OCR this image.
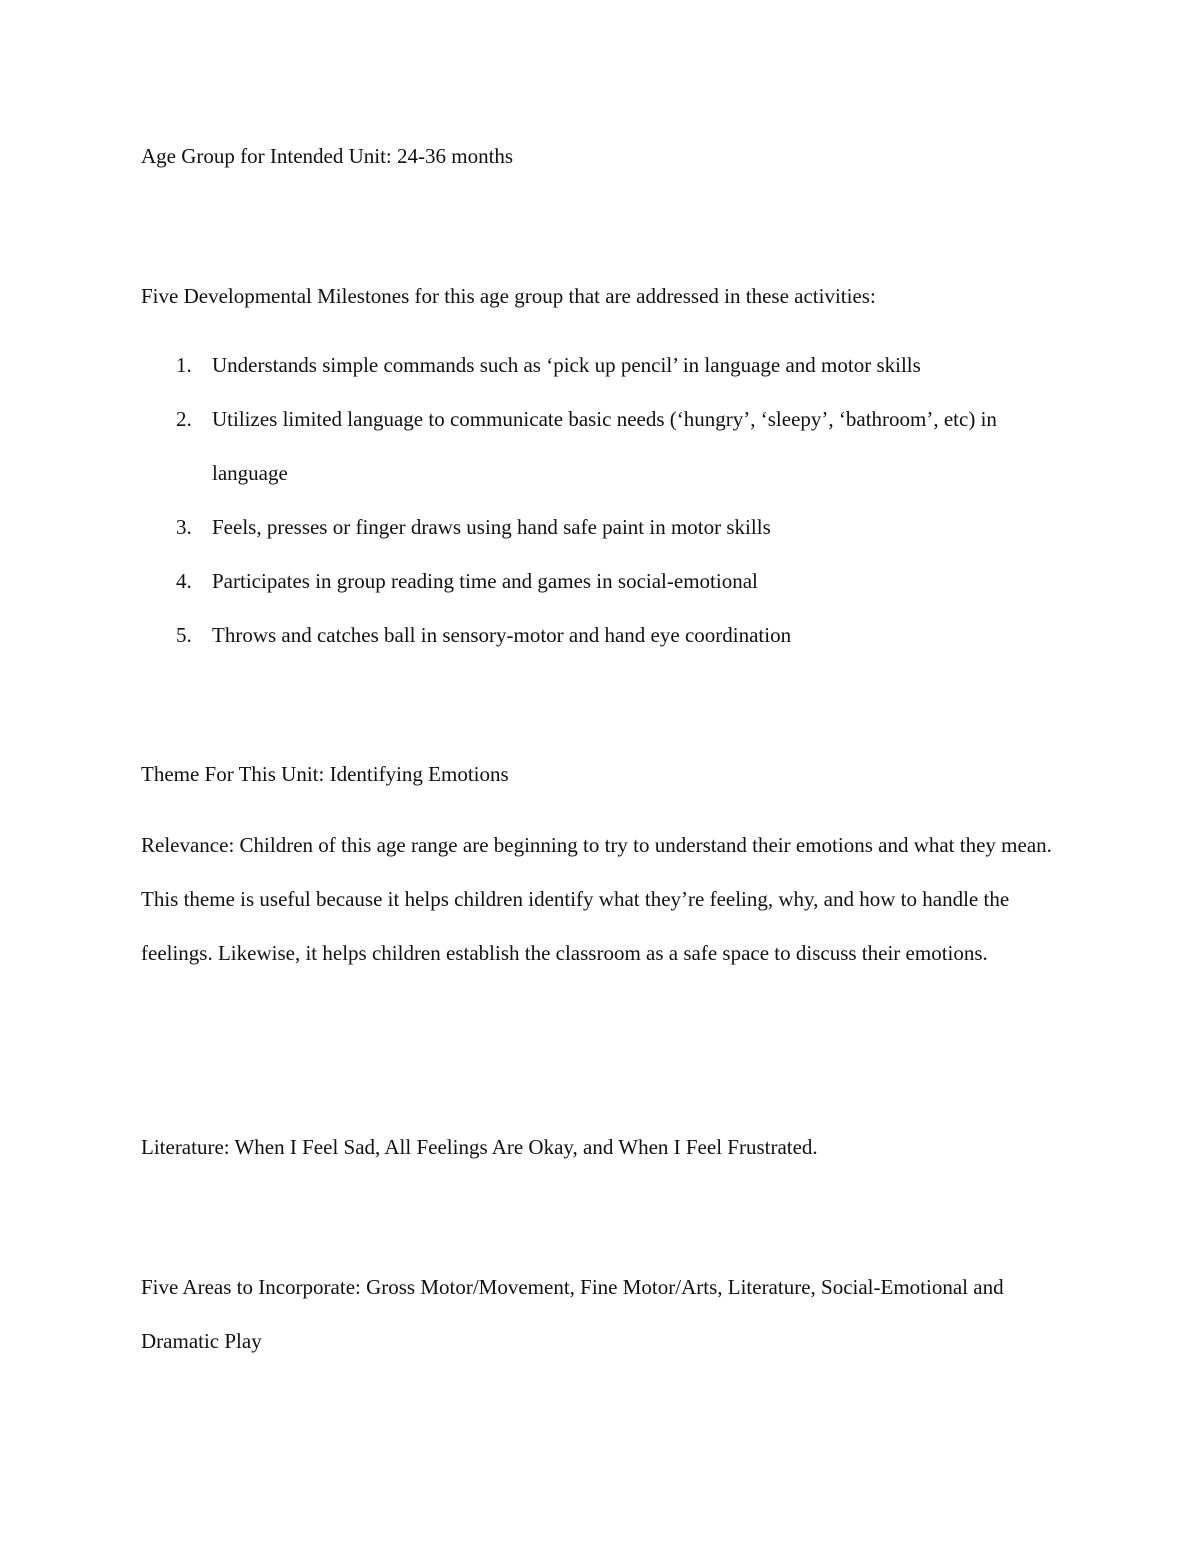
Age Group for Intended Unit: 24-36 months

Five Developmental Milestones for this age group that are addressed in these activities:

1. Understands simple commands such as ‘pick up pencil’ in language and motor skills
2. Utilizes limited language to communicate basic needs (‘hungry’, ‘sleepy’, ‘bathroom’, etc) in language
3. Feels, presses or finger draws using hand safe paint in motor skills
4. Participates in group reading time and games in social-emotional
5. Throws and catches ball in sensory-motor and hand eye coordination

Theme For This Unit: Identifying Emotions

Relevance: Children of this age range are beginning to try to understand their emotions and what they mean. This theme is useful because it helps children identify what they’re feeling, why, and how to handle the feelings. Likewise, it helps children establish the classroom as a safe space to discuss their emotions.

Literature: When I Feel Sad, All Feelings Are Okay, and When I Feel Frustrated.

Five Areas to Incorporate: Gross Motor/Movement, Fine Motor/Arts, Literature, Social-Emotional and Dramatic Play
